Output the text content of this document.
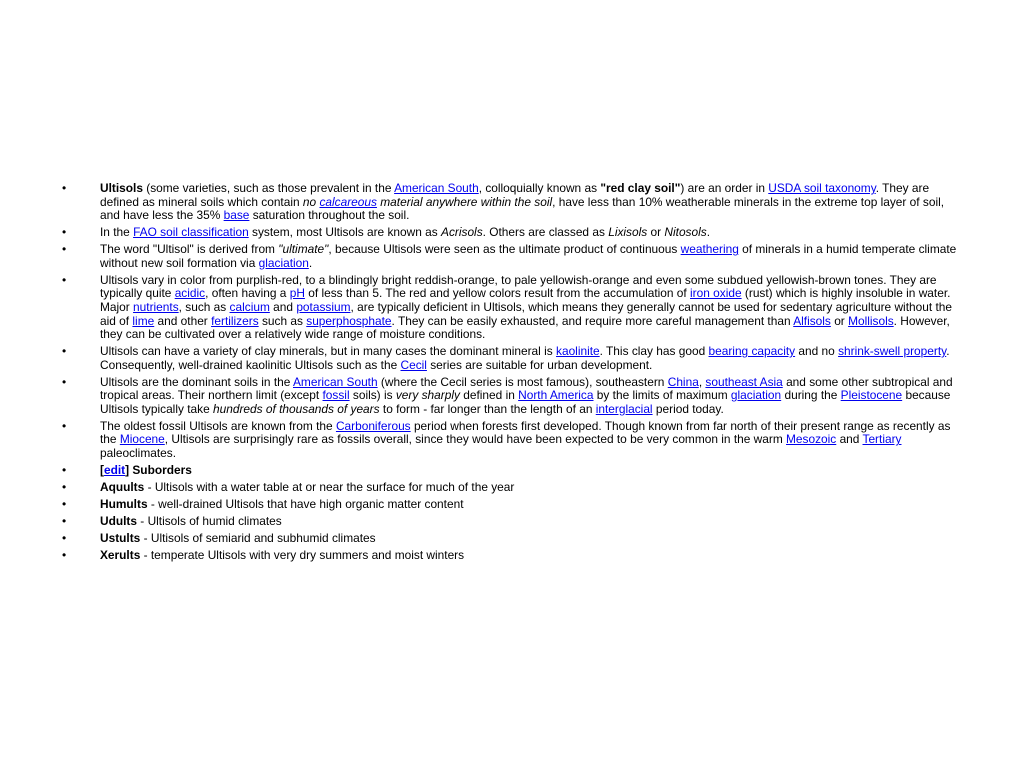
• Ultisols (some varieties, such as those prevalent in the American South, colloquially known as "red clay soil") are an order in USDA soil taxonomy. They are defined as mineral soils which contain no calcareous material anywhere within the soil, have less than 10% weatherable minerals in the extreme top layer of soil, and have less the 35% base saturation throughout the soil.
• In the FAO soil classification system, most Ultisols are known as Acrisols. Others are classed as Lixisols or Nitosols.
• The word "Ultisol" is derived from "ultimate", because Ultisols were seen as the ultimate product of continuous weathering of minerals in a humid temperate climate without new soil formation via glaciation.
• Ultisols vary in color from purplish-red, to a blindingly bright reddish-orange, to pale yellowish-orange and even some subdued yellowish-brown tones. They are typically quite acidic, often having a pH of less than 5. The red and yellow colors result from the accumulation of iron oxide (rust) which is highly insoluble in water. Major nutrients, such as calcium and potassium, are typically deficient in Ultisols, which means they generally cannot be used for sedentary agriculture without the aid of lime and other fertilizers such as superphosphate. They can be easily exhausted, and require more careful management than Alfisols or Mollisols. However, they can be cultivated over a relatively wide range of moisture conditions.
• Ultisols can have a variety of clay minerals, but in many cases the dominant mineral is kaolinite. This clay has good bearing capacity and no shrink-swell property. Consequently, well-drained kaolinitic Ultisols such as the Cecil series are suitable for urban development.
• Ultisols are the dominant soils in the American South (where the Cecil series is most famous), southeastern China, southeast Asia and some other subtropical and tropical areas. Their northern limit (except fossil soils) is very sharply defined in North America by the limits of maximum glaciation during the Pleistocene because Ultisols typically take hundreds of thousands of years to form - far longer than the length of an interglacial period today.
• The oldest fossil Ultisols are known from the Carboniferous period when forests first developed. Though known from far north of their present range as recently as the Miocene, Ultisols are surprisingly rare as fossils overall, since they would have been expected to be very common in the warm Mesozoic and Tertiary paleoclimates.
• [edit] Suborders
• Aquults - Ultisols with a water table at or near the surface for much of the year
• Humults - well-drained Ultisols that have high organic matter content
• Udults - Ultisols of humid climates
• Ustults - Ultisols of semiarid and subhumid climates
• Xerults - temperate Ultisols with very dry summers and moist winters
